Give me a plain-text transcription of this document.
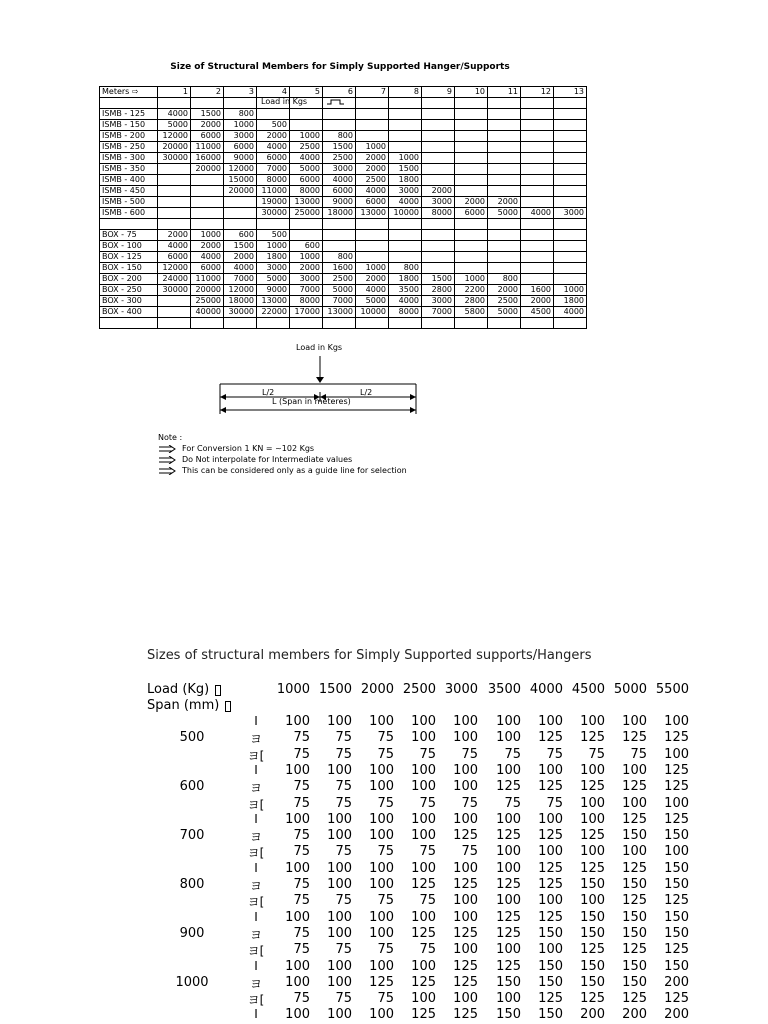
Size of Structural Members for Simply Supported Hanger/Supports
Meters ⇨	1	2	3	4	5	6	7	8	9	10	11	12	13

ISMB - 125	4000	1500	800										
ISMB - 150	5000	2000	1000	500									
ISMB - 200	12000	6000	3000	2000	1000	800							
ISMB - 250	20000	11000	6000	4000	2500	1500	1000						
ISMB - 300	30000	16000	9000	6000	4000	2500	2000	1000					
ISMB - 350		20000	12000	7000	5000	3000	2000	1500					
ISMB - 400			15000	8000	6000	4000	2500	1800					
ISMB - 450			20000	11000	8000	6000	4000	3000	2000				
ISMB - 500				19000	13000	9000	6000	4000	3000	2000	2000		
ISMB - 600				30000	25000	18000	13000	10000	8000	6000	5000	4000	3000

BOX - 75	2000	1000	600	500									
BOX - 100	4000	2000	1500	1000	600								
BOX - 125	6000	4000	2000	1800	1000	800							
BOX - 150	12000	6000	4000	3000	2000	1600	1000	800					
BOX - 200	24000	11000	7000	5000	3000	2500	2000	1800	1500	1000	800		
BOX - 250	30000	20000	12000	9000	7000	5000	4000	3500	2800	2200	2000	1600	1000
BOX - 300		25000	18000	13000	8000	7000	5000	4000	3000	2800	2500	2000	1800
BOX - 400		40000	30000	22000	17000	13000	10000	8000	7000	5800	5000	4500	4000

Load in Kgs
Load in Kgs
L/2	L/2
L (Span in meteres)
Note :
For Conversion 1 KN = ~102 Kgs
Do Not interpolate for Intermediate values
This can be considered only as a guide line for selection
Sizes of structural members for Simply Supported supports/Hangers
Load (Kg)
Span (mm)
1000 1500 2000 2500 3000 3500 4000 4500 5000 5500
500
I	100	100	100	100	100	100	100	100	100	100
ヨ	75	75	75	100	100	100	125	125	125	125
ヨ[	75	75	75	75	75	75	75	75	75	100
600
I	100	100	100	100	100	100	100	100	100	125
ヨ	75	75	100	100	100	125	125	125	125	125
ヨ[	75	75	75	75	75	75	75	100	100	100
700
I	100	100	100	100	100	100	100	100	125	125
ヨ	75	100	100	100	125	125	125	125	150	150
ヨ[	75	75	75	75	75	100	100	100	100	100
800
I	100	100	100	100	100	100	125	125	125	150
ヨ	75	100	100	125	125	125	125	150	150	150
ヨ[	75	75	75	75	100	100	100	100	125	125
900
I	100	100	100	100	100	125	125	150	150	150
ヨ	75	100	100	125	125	125	150	150	150	150
ヨ[	75	75	75	75	100	100	100	125	125	125
1000
I	100	100	100	100	125	125	150	150	150	150
ヨ	100	100	125	125	125	150	150	150	150	200
ヨ[	75	75	75	100	100	100	125	125	125	125
I	100	100	100	125	125	150	150	200	200	200
